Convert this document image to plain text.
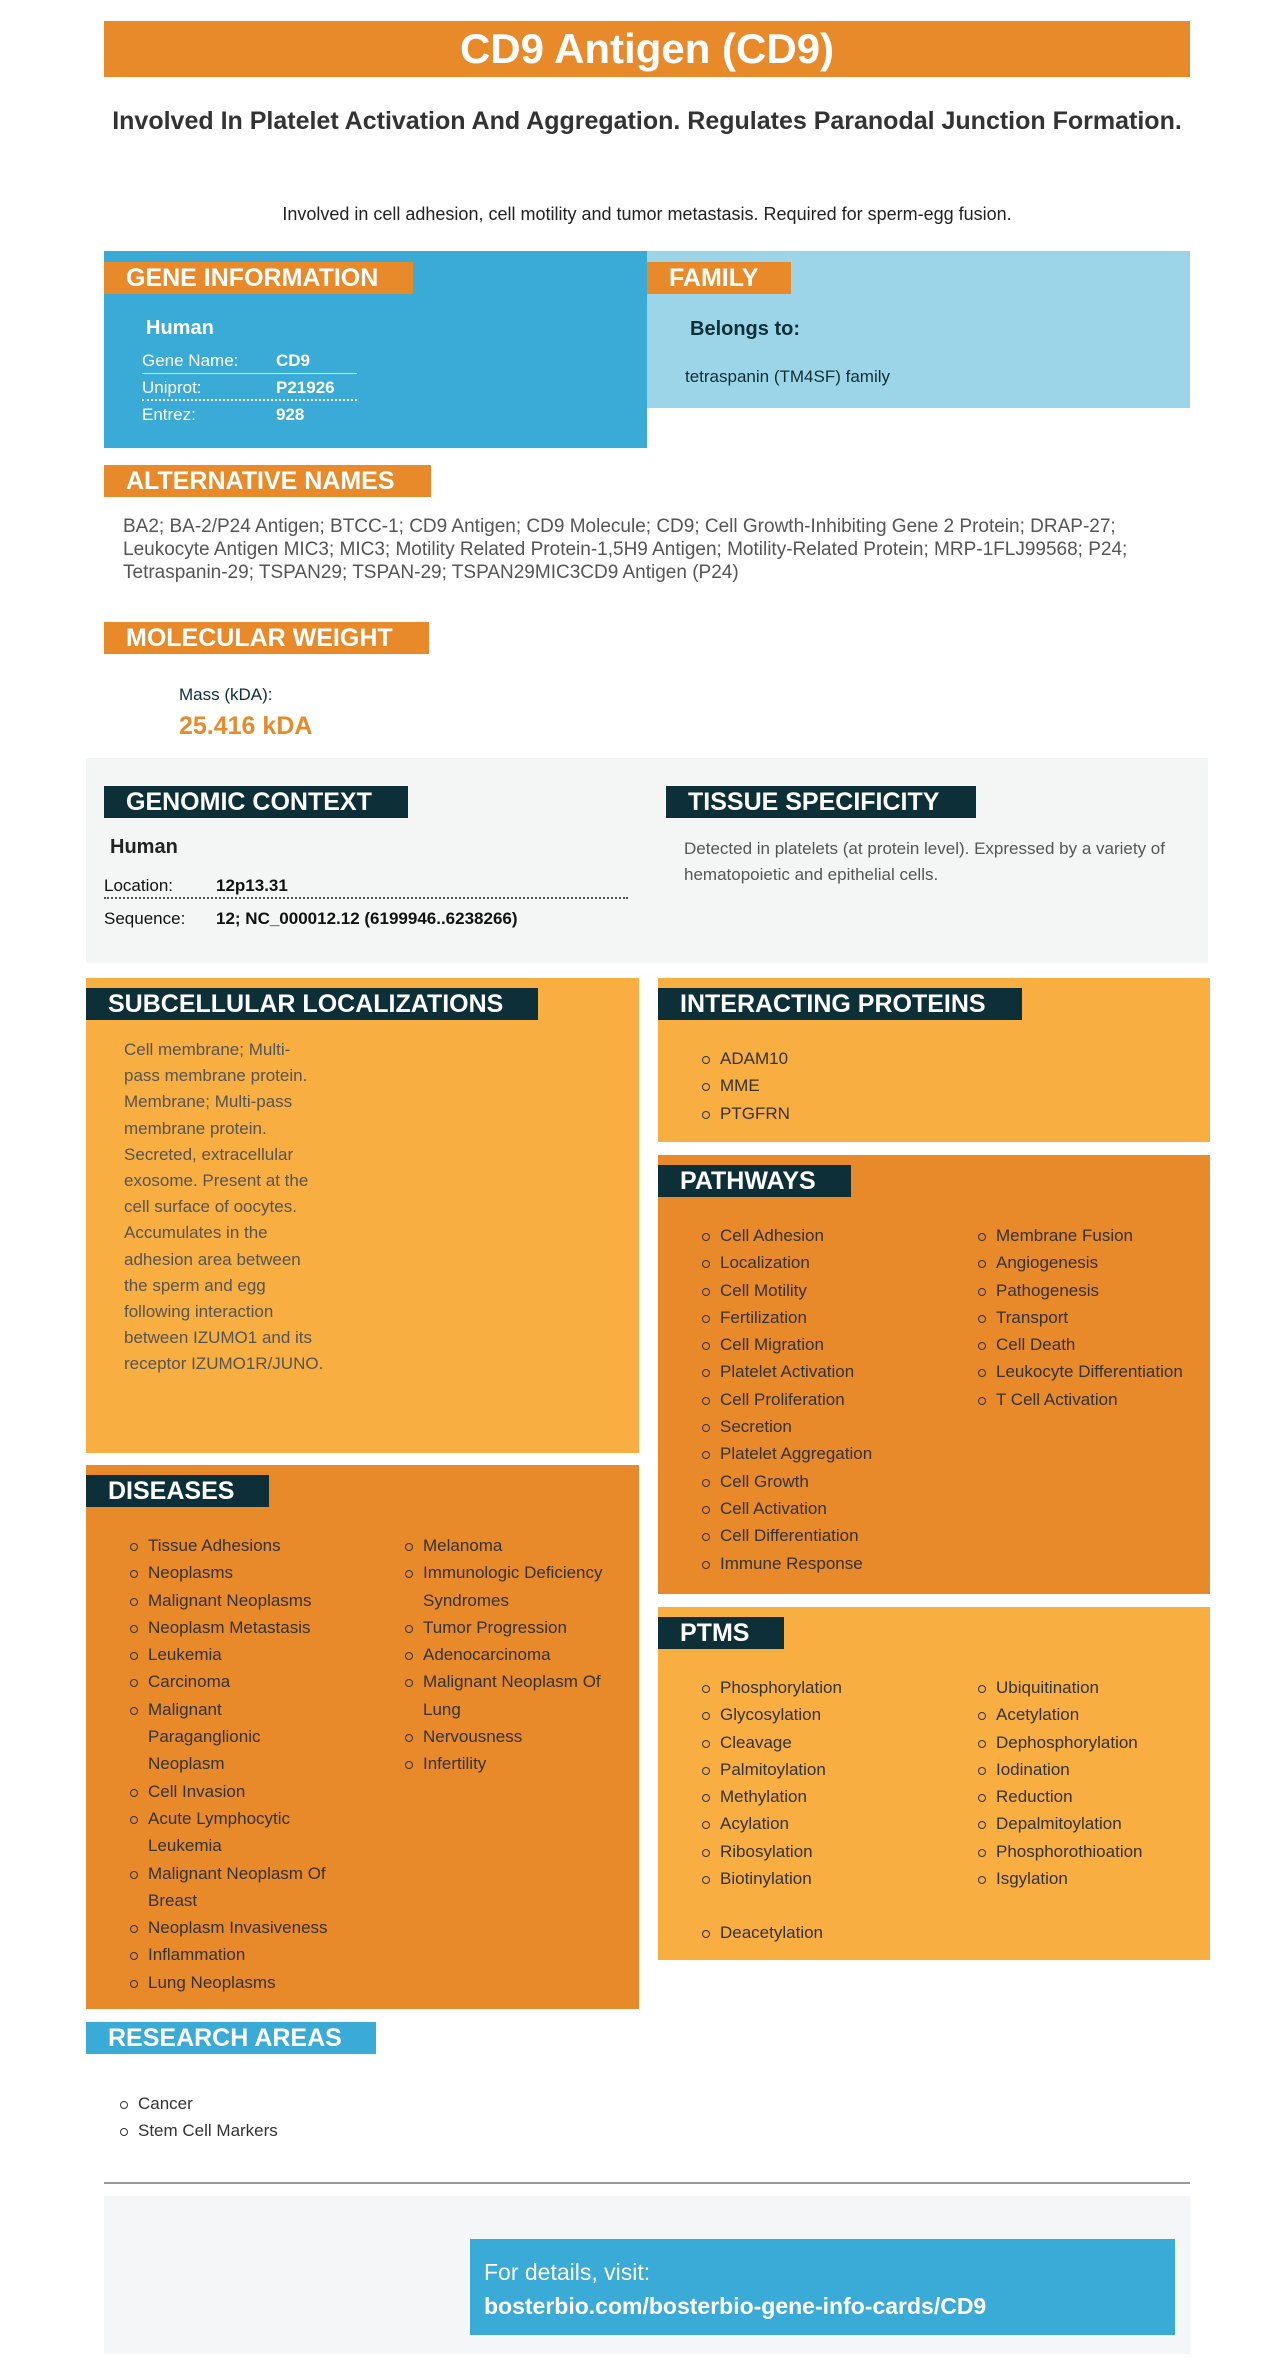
CD9 Antigen (CD9)
Involved In Platelet Activation And Aggregation. Regulates Paranodal Junction Formation.
Involved in cell adhesion, cell motility and tumor metastasis. Required for sperm-egg fusion.
GENE INFORMATION
Human
Gene Name:	CD9
Uniprot:	P21926
Entrez:	928
FAMILY
Belongs to:
tetraspanin (TM4SF) family
ALTERNATIVE NAMES
BA2; BA-2/P24 Antigen; BTCC-1; CD9 Antigen; CD9 Molecule; CD9; Cell Growth-Inhibiting Gene 2 Protein; DRAP-27; Leukocyte Antigen MIC3; MIC3; Motility Related Protein-1,5H9 Antigen; Motility-Related Protein; MRP-1FLJ99568; P24; Tetraspanin-29; TSPAN29; TSPAN-29; TSPAN29MIC3CD9 Antigen (P24)
MOLECULAR WEIGHT
Mass (kDA):
25.416 kDA
GENOMIC CONTEXT
Human
Location:	12p13.31
Sequence:	12; NC_000012.12 (6199946..6238266)
TISSUE SPECIFICITY
Detected in platelets (at protein level). Expressed by a variety of hematopoietic and epithelial cells.
SUBCELLULAR LOCALIZATIONS
Cell membrane; Multi-pass membrane protein. Membrane; Multi-pass membrane protein. Secreted, extracellular exosome. Present at the cell surface of oocytes. Accumulates in the adhesion area between the sperm and egg following interaction between IZUMO1 and its receptor IZUMO1R/JUNO.
INTERACTING PROTEINS
ADAM10
MME
PTGFRN
PATHWAYS
Cell Adhesion
Localization
Cell Motility
Fertilization
Cell Migration
Platelet Activation
Cell Proliferation
Secretion
Platelet Aggregation
Cell Growth
Cell Activation
Cell Differentiation
Immune Response
Membrane Fusion
Angiogenesis
Pathogenesis
Transport
Cell Death
Leukocyte Differentiation
T Cell Activation
DISEASES
Tissue Adhesions
Neoplasms
Malignant Neoplasms
Neoplasm Metastasis
Leukemia
Carcinoma
Malignant Paraganglionic Neoplasm
Cell Invasion
Acute Lymphocytic Leukemia
Malignant Neoplasm Of Breast
Neoplasm Invasiveness
Inflammation
Lung Neoplasms
Melanoma
Immunologic Deficiency Syndromes
Tumor Progression
Adenocarcinoma
Malignant Neoplasm Of Lung
Nervousness
Infertility
PTMS
Phosphorylation
Glycosylation
Cleavage
Palmitoylation
Methylation
Acylation
Ribosylation
Biotinylation
Ubiquitination
Acetylation
Dephosphorylation
Iodination
Reduction
Depalmitoylation
Phosphorothioation
Isgylation
Deacetylation
RESEARCH AREAS
Cancer
Stem Cell Markers
For details, visit:
bosterbio.com/bosterbio-gene-info-cards/CD9
